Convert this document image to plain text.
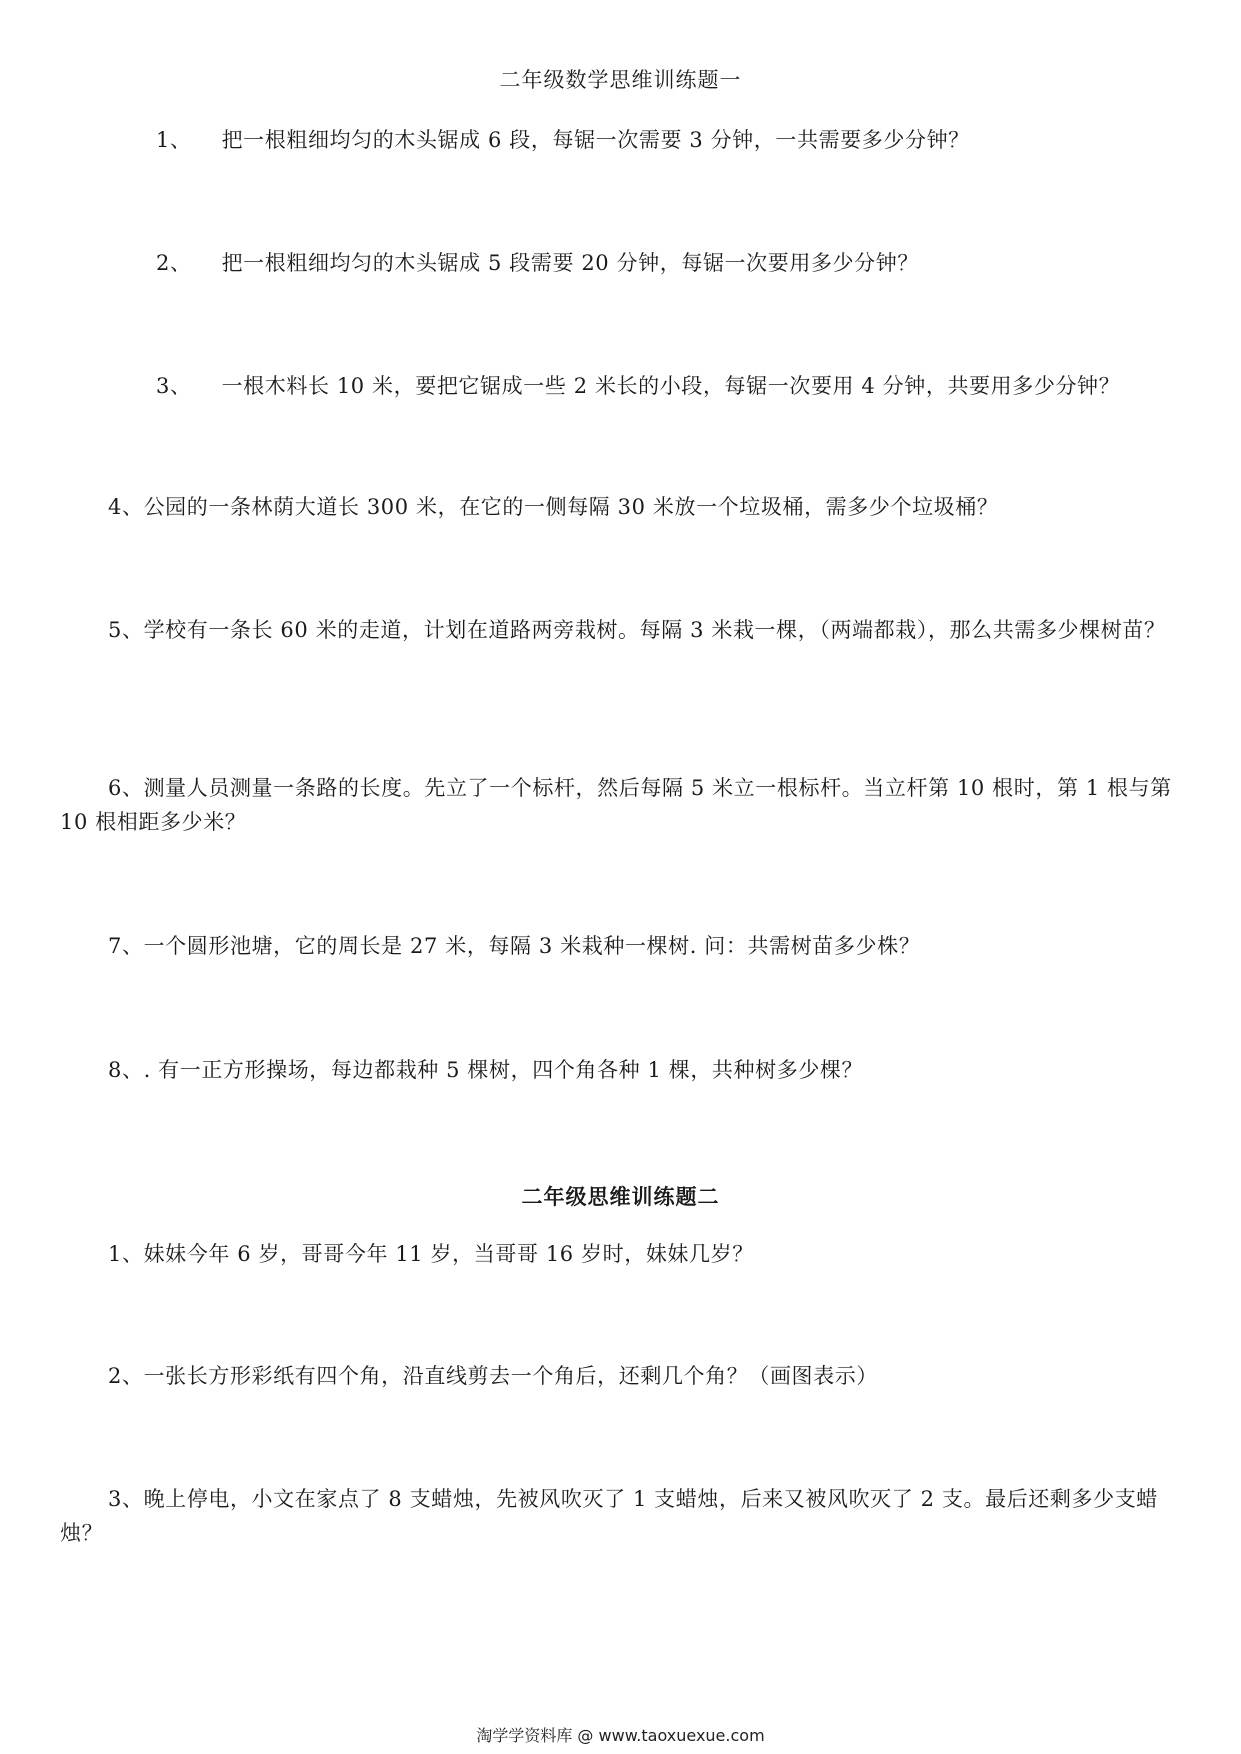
二年级数学思维训练题一
1、 把一根粗细均匀的木头锯成 6 段，每锯一次需要 3 分钟，一共需要多少分钟？
2、 把一根粗细均匀的木头锯成 5 段需要 20 分钟，每锯一次要用多少分钟？
3、 一根木料长 10 米，要把它锯成一些 2 米长的小段，每锯一次要用 4 分钟，共要用多少分钟？
4、公园的一条林荫大道长 300 米，在它的一侧每隔 30 米放一个垃圾桶，需多少个垃圾桶？
5、学校有一条长 60 米的走道，计划在道路两旁栽树。每隔 3 米栽一棵，（两端都栽），那么共需多少棵树苗？
6、测量人员测量一条路的长度。先立了一个标杆，然后每隔 5 米立一根标杆。当立杆第 10 根时，第 1 根与第 10 根相距多少米？
7、一个圆形池塘，它的周长是 27 米，每隔 3 米栽种一棵树. 问：共需树苗多少株？
8、. 有一正方形操场，每边都栽种 5 棵树，四个角各种 1 棵，共种树多少棵？
二年级思维训练题二
1、妹妹今年 6 岁，哥哥今年 11 岁，当哥哥 16 岁时，妹妹几岁？
2、一张长方形彩纸有四个角，沿直线剪去一个角后，还剩几个角？（画图表示）
3、晚上停电，小文在家点了 8 支蜡烛，先被风吹灭了 1 支蜡烛，后来又被风吹灭了 2 支。最后还剩多少支蜡烛？
淘学学资料库 @ www.taoxuexue.com
